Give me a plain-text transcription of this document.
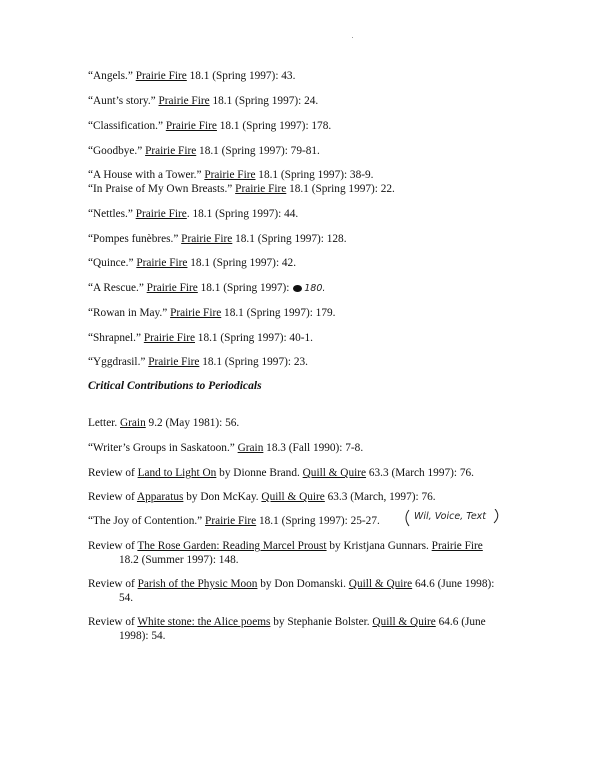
“Angels.” Prairie Fire 18.1 (Spring 1997): 43.

“Aunt’s story.” Prairie Fire 18.1 (Spring 1997): 24.

“Classification.” Prairie Fire 18.1 (Spring 1997): 178.

“Goodbye.” Prairie Fire 18.1 (Spring 1997): 79-81.

“A House with a Tower.” Prairie Fire 18.1 (Spring 1997): 38-9.

“In Praise of My Own Breasts.” Prairie Fire 18.1 (Spring 1997): 22.

“Nettles.” Prairie Fire. 18.1 (Spring 1997): 44.

“Pompes funèbres.” Prairie Fire 18.1 (Spring 1997): 128.

“Quince.” Prairie Fire 18.1 (Spring 1997): 42.

“A Rescue.” Prairie Fire 18.1 (Spring 1997): 180.

“Rowan in May.” Prairie Fire 18.1 (Spring 1997): 179.

“Shrapnel.” Prairie Fire 18.1 (Spring 1997): 40-1.

“Yggdrasil.” Prairie Fire 18.1 (Spring 1997): 23.

Critical Contributions to Periodicals

Letter. Grain 9.2 (May 1981): 56.

“Writer’s Groups in Saskatoon.” Grain 18.3 (Fall 1990): 7-8.

Review of Land to Light On by Dionne Brand. Quill & Quire 63.3 (March 1997): 76.

Review of Apparatus by Don McKay. Quill & Quire 63.3 (March, 1997): 76.

“The Joy of Contention.” Prairie Fire 18.1 (Spring 1997): 25-27.	Wil, Voice, Text

Review of The Rose Garden: Reading Marcel Proust by Kristjana Gunnars. Prairie Fire
18.2 (Summer 1997): 148.

Review of Parish of the Physic Moon by Don Domanski. Quill & Quire 64.6 (June 1998):
54.

Review of White stone: the Alice poems by Stephanie Bolster. Quill & Quire 64.6 (June
1998): 54.
